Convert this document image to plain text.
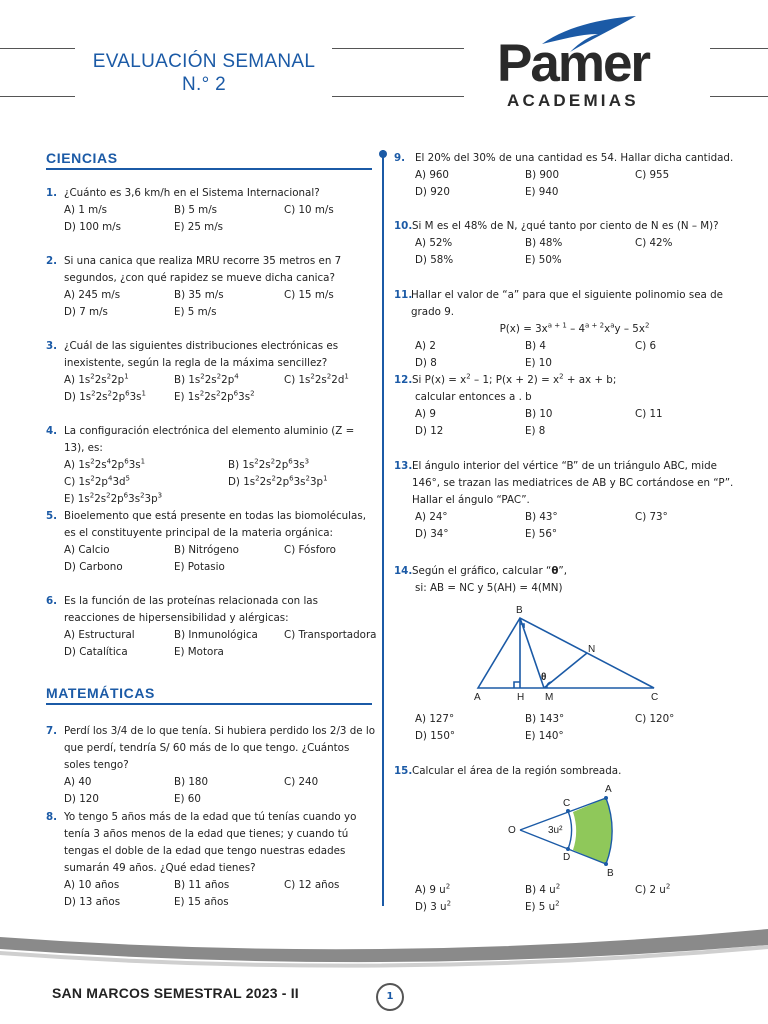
EVALUACIÓN SEMANAL
N.° 2	Pamer
ACADEMIAS
CIENCIAS
1. ¿Cuánto es 3,6 km/h en el Sistema Internacional?
A) 1 m/s	B) 5 m/s	C) 10 m/s
D) 100 m/s	E) 25 m/s
2. Si una canica que realiza MRU recorre 35 metros en 7 segundos, ¿con qué rapidez se mueve dicha canica?
A) 245 m/s	B) 35 m/s	C) 15 m/s
D) 7 m/s	E) 5 m/s
3. ¿Cuál de las siguientes distribuciones electrónicas es inexistente, según la regla de la máxima sencillez?
A) $1s^22s^22p^1$	B) $1s^22s^22p^4$	C) $1s^22s^22d^1$
D) $1s^22s^22p^63s^1$	E) $1s^22s^22p^63s^2$
4. La configuración electrónica del elemento aluminio (Z = 13), es:
A) $1s^22s^42p^63s^1$	B) $1s^22s^22p^63s^3$
C) $1s^22p^43d^5$	D) $1s^22s^22p^63s^23p^1$
E) $1s^22s^22p^63s^23p^3$
5. Bioelemento que está presente en todas las biomoléculas, es el constituyente principal de la materia orgánica:
A) Calcio	B) Nitrógeno	C) Fósforo
D) Carbono	E) Potasio
6. Es la función de las proteínas relacionada con las reacciones de hipersensibilidad y alérgicas:
A) Estructural	B) Inmunológica	C) Transportadora
D) Catalítica	E) Motora
MATEMÁTICAS
7. Perdí los 3/4 de lo que tenía. Si hubiera perdido los 2/3 de lo que perdí, tendría S/ 60 más de lo que tengo. ¿Cuántos soles tengo?
A) 40	B) 180	C) 240
D) 120	E) 60
8. Yo tengo 5 años más de la edad que tú tenías cuando yo tenía 3 años menos de la edad que tienes; y cuando tú tengas el doble de la edad que tengo nuestras edades sumarán 49 años. ¿Qué edad tienes?
A) 10 años	B) 11 años	C) 12 años
D) 13 años	E) 15 años
9. El 20% del 30% de una cantidad es 54. Hallar dicha cantidad.
A) 960	B) 900	C) 955
D) 920	E) 940
10. Si M es el 48% de N, ¿qué tanto por ciento de N es (N – M)?
A) 52%	B) 48%	C) 42%
D) 58%	E) 50%
11.
Hallar el valor de “a” para que el siguiente polinomio sea de grado 9.
$P(x) = 3x^{a + 1} - 4^{a + 2}x^ay - 5x^2$
A) 2	B) 4	C) 6
D) 8	E) 10
12. Si $P(x) = x^2 - 1$; $P(x + 2) = x^2$ + ax + b;
calcular entonces a . b
A) 9	B) 10	C) 11
D) 12	E) 8
13. El ángulo interior del vértice “B” de un triángulo ABC, mide 146°, se trazan las mediatrices de AB y BC cortándose en “P”. Hallar el ángulo “PAC”.
A) 24°	B) 43°	C) 73°
D) 34°	E) 56°
14. Según el gráfico, calcular “θ”,
si: AB = NC y 5(AH) = 4(MN)
B
N
A	H M	C
θ
A) 127°	B) 143°	C) 120°
D) 150°	E) 140°
15. Calcular el área de la región sombreada.
O
A
B
C
D
3u²
A) 9 $u^2$	B) 4 $u^2$	C) 2 $u^2$
D) 3 $u^2$	E) 5 $u^2$
SAN MARCOS SEMESTRAL 2023 - II	1
